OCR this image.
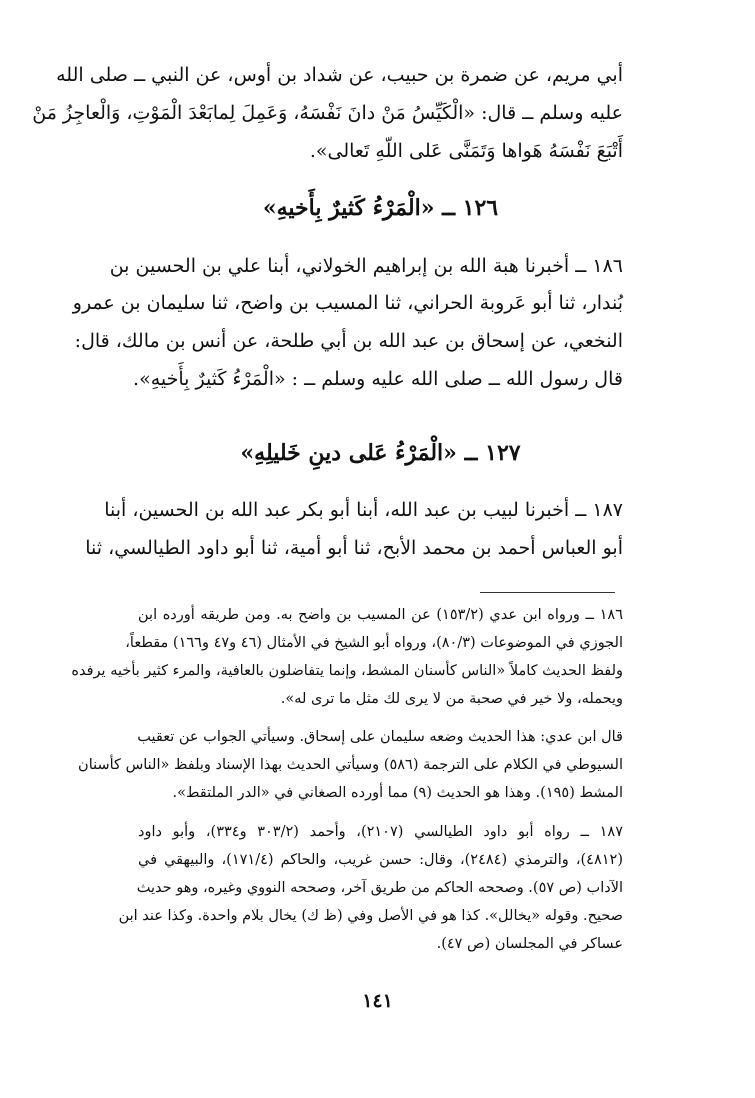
أبي مريم، عن ضمرة بن حبيب، عن شداد بن أوس، عن النبي ــ صلى الله
عليه وسلم ــ قال: «الْكَيِّسُ مَنْ دانَ نَفْسَهُ، وَعَمِلَ لِمابَعْدَ الْمَوْتِ، وَالْعاجِزُ مَنْ
أَتْبَعَ نَفْسَهُ هَواها وَتَمَنَّى عَلى اللّهِ تَعالى».
١٢٦ ــ «الْمَرْءُ كَثيرٌ بِأَخيهِ»
١٨٦ ــ أخبرنا هبة الله بن إبراهيم الخولاني، أبنا علي بن الحسين بن
بُندار، ثنا أبو عَروبة الحراني، ثنا المسيب بن واضح، ثنا سليمان بن عمرو
النخعي، عن إسحاق بن عبد الله بن أبي طلحة، عن أنس بن مالك، قال:
قال رسول الله ــ صلى الله عليه وسلم ــ : «الْمَرْءُ كَثيرٌ بِأَخيهِ».
١٢٧ ــ «الْمَرْءُ عَلى دينِ خَليلِهِ»
١٨٧ ــ أخبرنا لبيب بن عبد الله، أبنا أبو بكر عبد الله بن الحسين، أبنا
أبو العباس أحمد بن محمد الأبح، ثنا أبو أمية، ثنا أبو داود الطيالسي، ثنا
١٨٦ ــ ورواه ابن عدي (١٥٣/٢) عن المسيب بن واضح به. ومن طريقه أورده ابن
الجوزي في الموضوعات (٨٠/٣)، ورواه أبو الشيخ في الأمثال (٤٦ و٤٧ و١٦٦) مقطعاً،
ولفظ الحديث كاملاً «الناس كأسنان المشط، وإنما يتفاضلون بالعافية، والمرء كثير بأخيه يرفده
ويحمله، ولا خير في صحبة من لا يرى لك مثل ما ترى له».
قال ابن عدي: هذا الحديث وضعه سليمان على إسحاق. وسيأتي الجواب عن تعقيب
السيوطي في الكلام على الترجمة (٥٨٦) وسيأتي الحديث بهذا الإسناد وبلفظ «الناس كأسنان
المشط (١٩٥). وهذا هو الحديث (٩) مما أورده الصغاني في «الدر الملتقط».
١٨٧ ــ رواه أبو داود الطيالسي (٢١٠٧)، وأحمد (٣٠٣/٢ و٣٣٤)، وأبو داود
(٤٨١٢)، والترمذي (٢٤٨٤)، وقال: حسن غريب، والحاكم (١٧١/٤)، والبيهقي في
الآداب (ص ٥٧). وصححه الحاكم من طريق آخر، وصححه النووي وغيره، وهو حديث
صحيح. وقوله «يخالل». كذا هو في الأصل وفي (ظ ك) يخال بلام واحدة. وكذا عند ابن
عساكر في المجلسان (ص ٤٧).
١٤١
